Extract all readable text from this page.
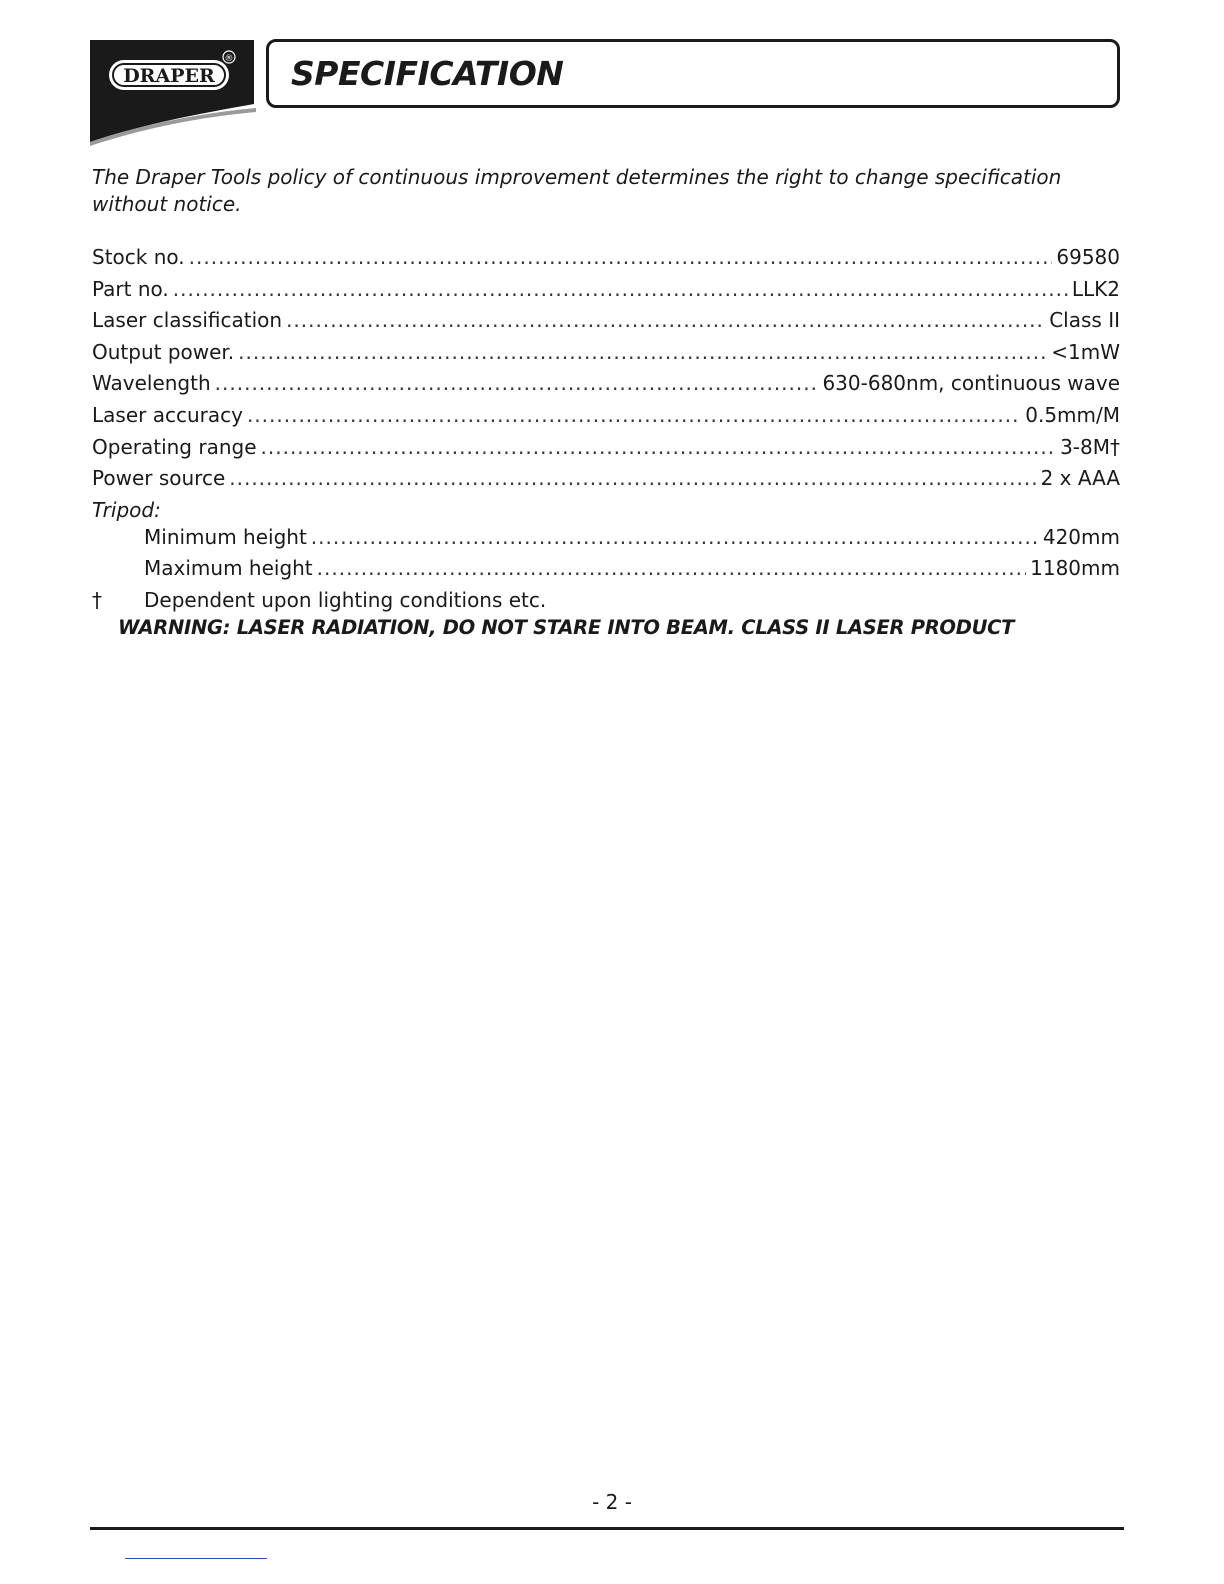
DRAPER
® SPECIFICATION
The Draper Tools policy of continuous improvement determines the right to change specification without notice.
Stock no. .....	69580
Part no. .....	LLK2
Laser classification .....	Class II
Output power. .....	<1mW
Wavelength .....	630-680nm, continuous wave
Laser accuracy .....	0.5mm/M
Operating range .....	3-8M†
Power source .....	2 x AAA
Tripod:
Minimum height .....	420mm
Maximum height .....	1180mm
†	Dependent upon lighting conditions etc.
WARNING: LASER RADIATION, DO NOT STARE INTO BEAM. CLASS II LASER PRODUCT
- 2 -
